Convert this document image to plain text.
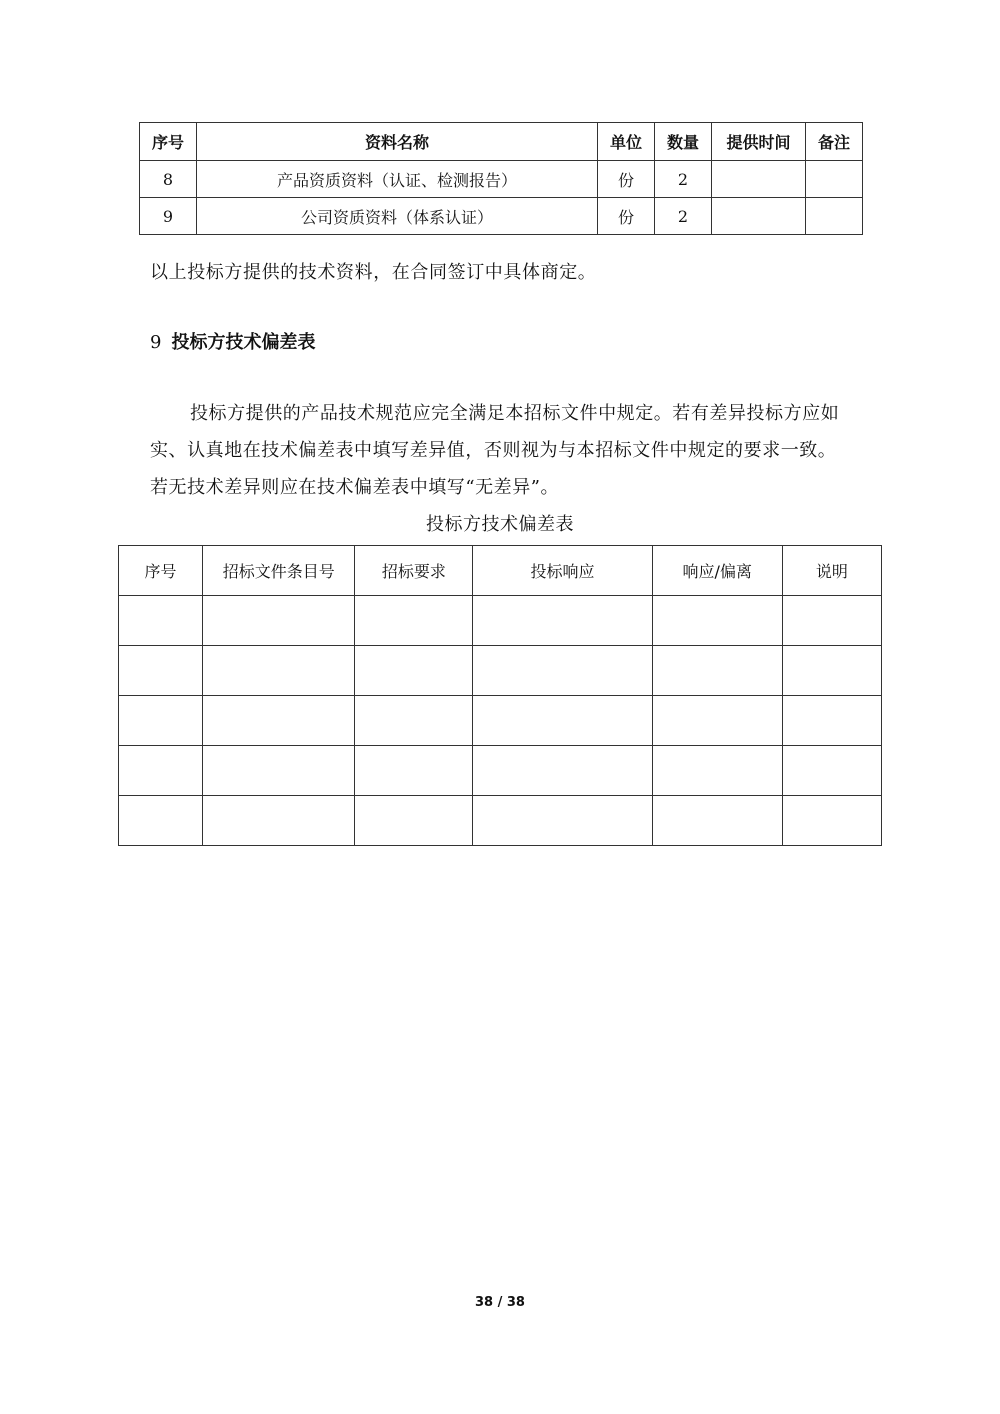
序号	资料名称	单位	数量	提供时间	备注
8	产品资质资料（认证、检测报告）	份	2		
9	公司资质资料（体系认证）	份	2		
以上投标方提供的技术资料，在合同签订中具体商定。
9 投标方技术偏差表
投标方提供的产品技术规范应完全满足本招标文件中规定。若有差异投标方应如实、认真地在技术偏差表中填写差异值，否则视为与本招标文件中规定的要求一致。若无技术差异则应在技术偏差表中填写“无差异”。
投标方技术偏差表
序号	招标文件条目号	招标要求	投标响应	响应/偏离	说明

38 / 38
